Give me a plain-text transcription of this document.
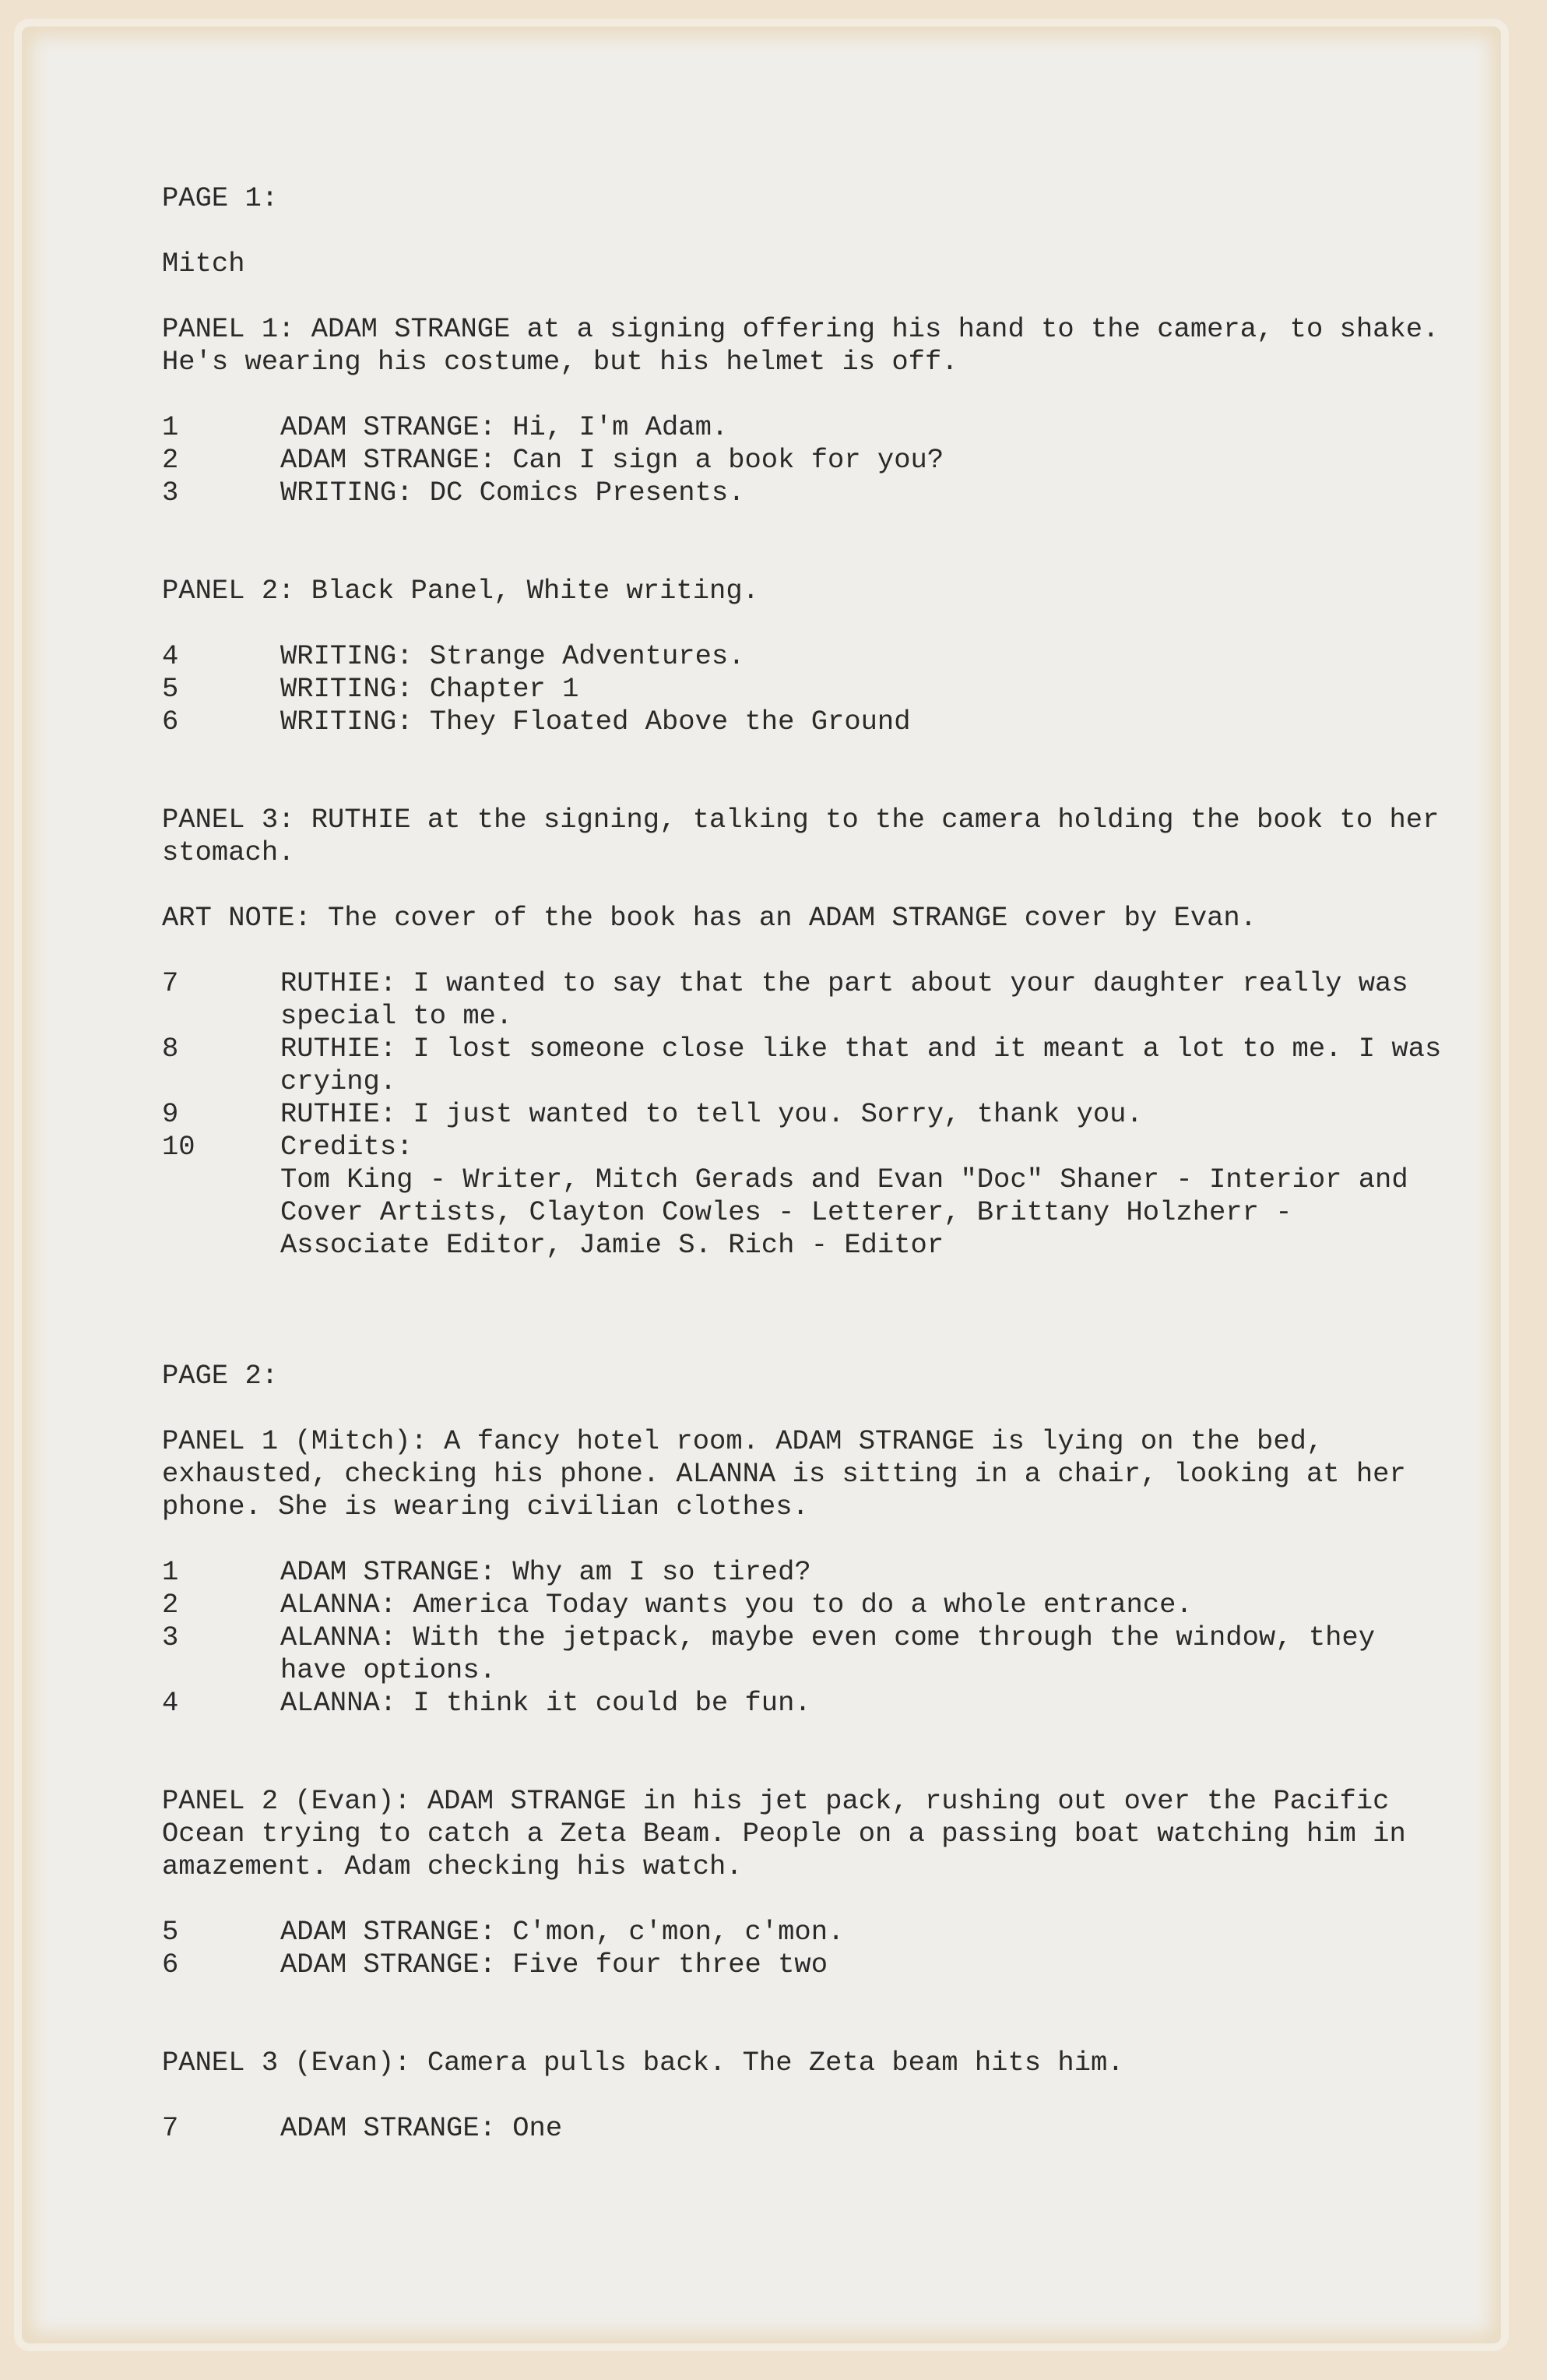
PAGE 1:
Mitch
PANEL 1: ADAM STRANGE at a signing offering his hand to the camera, to shake. He's wearing his costume, but his helmet is off.
1	ADAM STRANGE: Hi, I'm Adam.
2	ADAM STRANGE: Can I sign a book for you?
3	WRITING: DC Comics Presents.
PANEL 2: Black Panel, White writing.
4	WRITING: Strange Adventures.
5	WRITING: Chapter 1
6	WRITING: They Floated Above the Ground
PANEL 3: RUTHIE at the signing, talking to the camera holding the book to her stomach.
ART NOTE: The cover of the book has an ADAM STRANGE cover by Evan.
7	RUTHIE: I wanted to say that the part about your daughter really was special to me.
8	RUTHIE: I lost someone close like that and it meant a lot to me. I was crying.
9	RUTHIE: I just wanted to tell you. Sorry, thank you.
10	Credits:
Tom King - Writer, Mitch Gerads and Evan "Doc" Shaner - Interior and Cover Artists, Clayton Cowles - Letterer, Brittany Holzherr - Associate Editor, Jamie S. Rich - Editor
PAGE 2:
PANEL 1 (Mitch): A fancy hotel room. ADAM STRANGE is lying on the bed, exhausted, checking his phone. ALANNA is sitting in a chair, looking at her phone. She is wearing civilian clothes.
1	ADAM STRANGE: Why am I so tired?
2	ALANNA: America Today wants you to do a whole entrance.
3	ALANNA: With the jetpack, maybe even come through the window, they have options.
4	ALANNA: I think it could be fun.
PANEL 2 (Evan): ADAM STRANGE in his jet pack, rushing out over the Pacific Ocean trying to catch a Zeta Beam. People on a passing boat watching him in amazement. Adam checking his watch.
5	ADAM STRANGE: C'mon, c'mon, c'mon.
6	ADAM STRANGE: Five four three two
PANEL 3 (Evan): Camera pulls back. The Zeta beam hits him.
7	ADAM STRANGE: One
